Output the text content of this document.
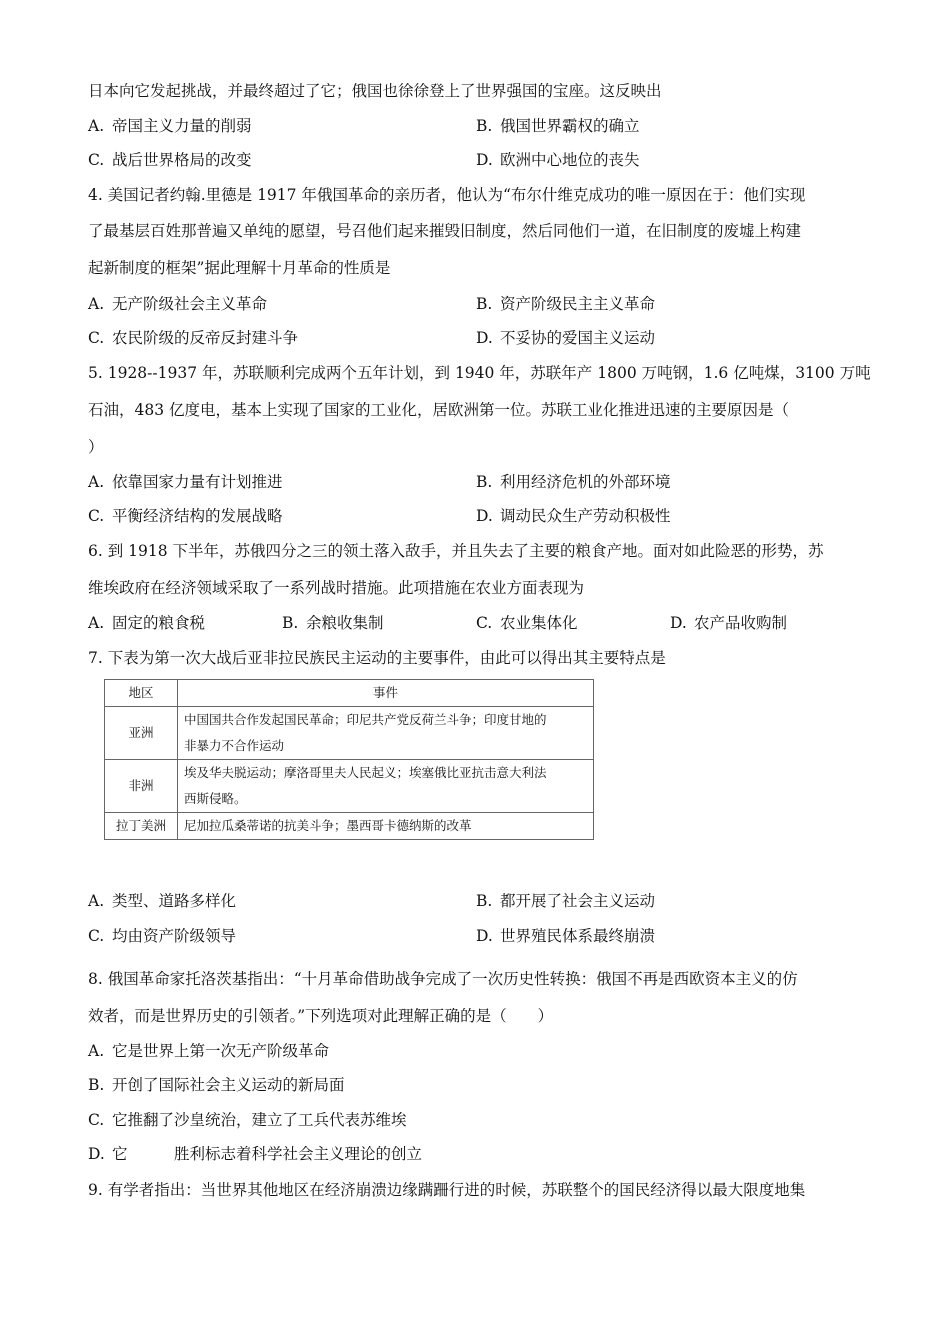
日本向它发起挑战，并最终超过了它；俄国也徐徐登上了世界强国的宝座。这反映出
A. 帝国主义力量的削弱	B. 俄国世界霸权的确立
C. 战后世界格局的改变	D. 欧洲中心地位的丧失
4. 美国记者约翰.里德是 1917 年俄国革命的亲历者，他认为“布尔什维克成功的唯一原因在于：他们实现
了最基层百姓那普遍又单纯的愿望，号召他们起来摧毁旧制度，然后同他们一道，在旧制度的废墟上构建
起新制度的框架”据此理解十月革命的性质是
A. 无产阶级社会主义革命	B. 资产阶级民主主义革命
C. 农民阶级的反帝反封建斗争	D. 不妥协的爱国主义运动
5. 1928--1937 年，苏联顺利完成两个五年计划，到 1940 年，苏联年产 1800 万吨钢，1.6 亿吨煤，3100 万吨
石油，483 亿度电，基本上实现了国家的工业化，居欧洲第一位。苏联工业化推进迅速的主要原因是（
）
A. 依靠国家力量有计划推进	B. 利用经济危机的外部环境
C. 平衡经济结构的发展战略	D. 调动民众生产劳动积极性
6. 到 1918 下半年，苏俄四分之三的领土落入敌手，并且失去了主要的粮食产地。面对如此险恶的形势，苏
维埃政府在经济领域采取了一系列战时措施。此项措施在农业方面表现为
A. 固定的粮食税	B. 余粮收集制	C. 农业集体化	D. 农产品收购制
7. 下表为第一次大战后亚非拉民族民主运动的主要事件，由此可以得出其主要特点是
地区	事件
亚洲	中国国共合作发起国民革命；印尼共产党反荷兰斗争；印度甘地的
非暴力不合作运动

非洲	埃及华夫脱运动；摩洛哥里夫人民起义；埃塞俄比亚抗击意大利法
西斯侵略。

拉丁美洲	尼加拉瓜桑蒂诺的抗美斗争；墨西哥卡德纳斯的改革
A. 类型、道路多样化	B. 都开展了社会主义运动
C. 均由资产阶级领导	D. 世界殖民体系最终崩溃
8. 俄国革命家托洛茨基指出：“十月革命借助战争完成了一次历史性转换：俄国不再是西欧资本主义的仿
效者，而是世界历史的引领者。”下列选项对此理解正确的是（　　）
A. 它是世界上第一次无产阶级革命
B. 开创了国际社会主义运动的新局面
C. 它推翻了沙皇统治，建立了工兵代表苏维埃
D. 它　　　胜利标志着科学社会主义理论的创立
9. 有学者指出：当世界其他地区在经济崩溃边缘蹒跚行进的时候，苏联整个的国民经济得以最大限度地集
